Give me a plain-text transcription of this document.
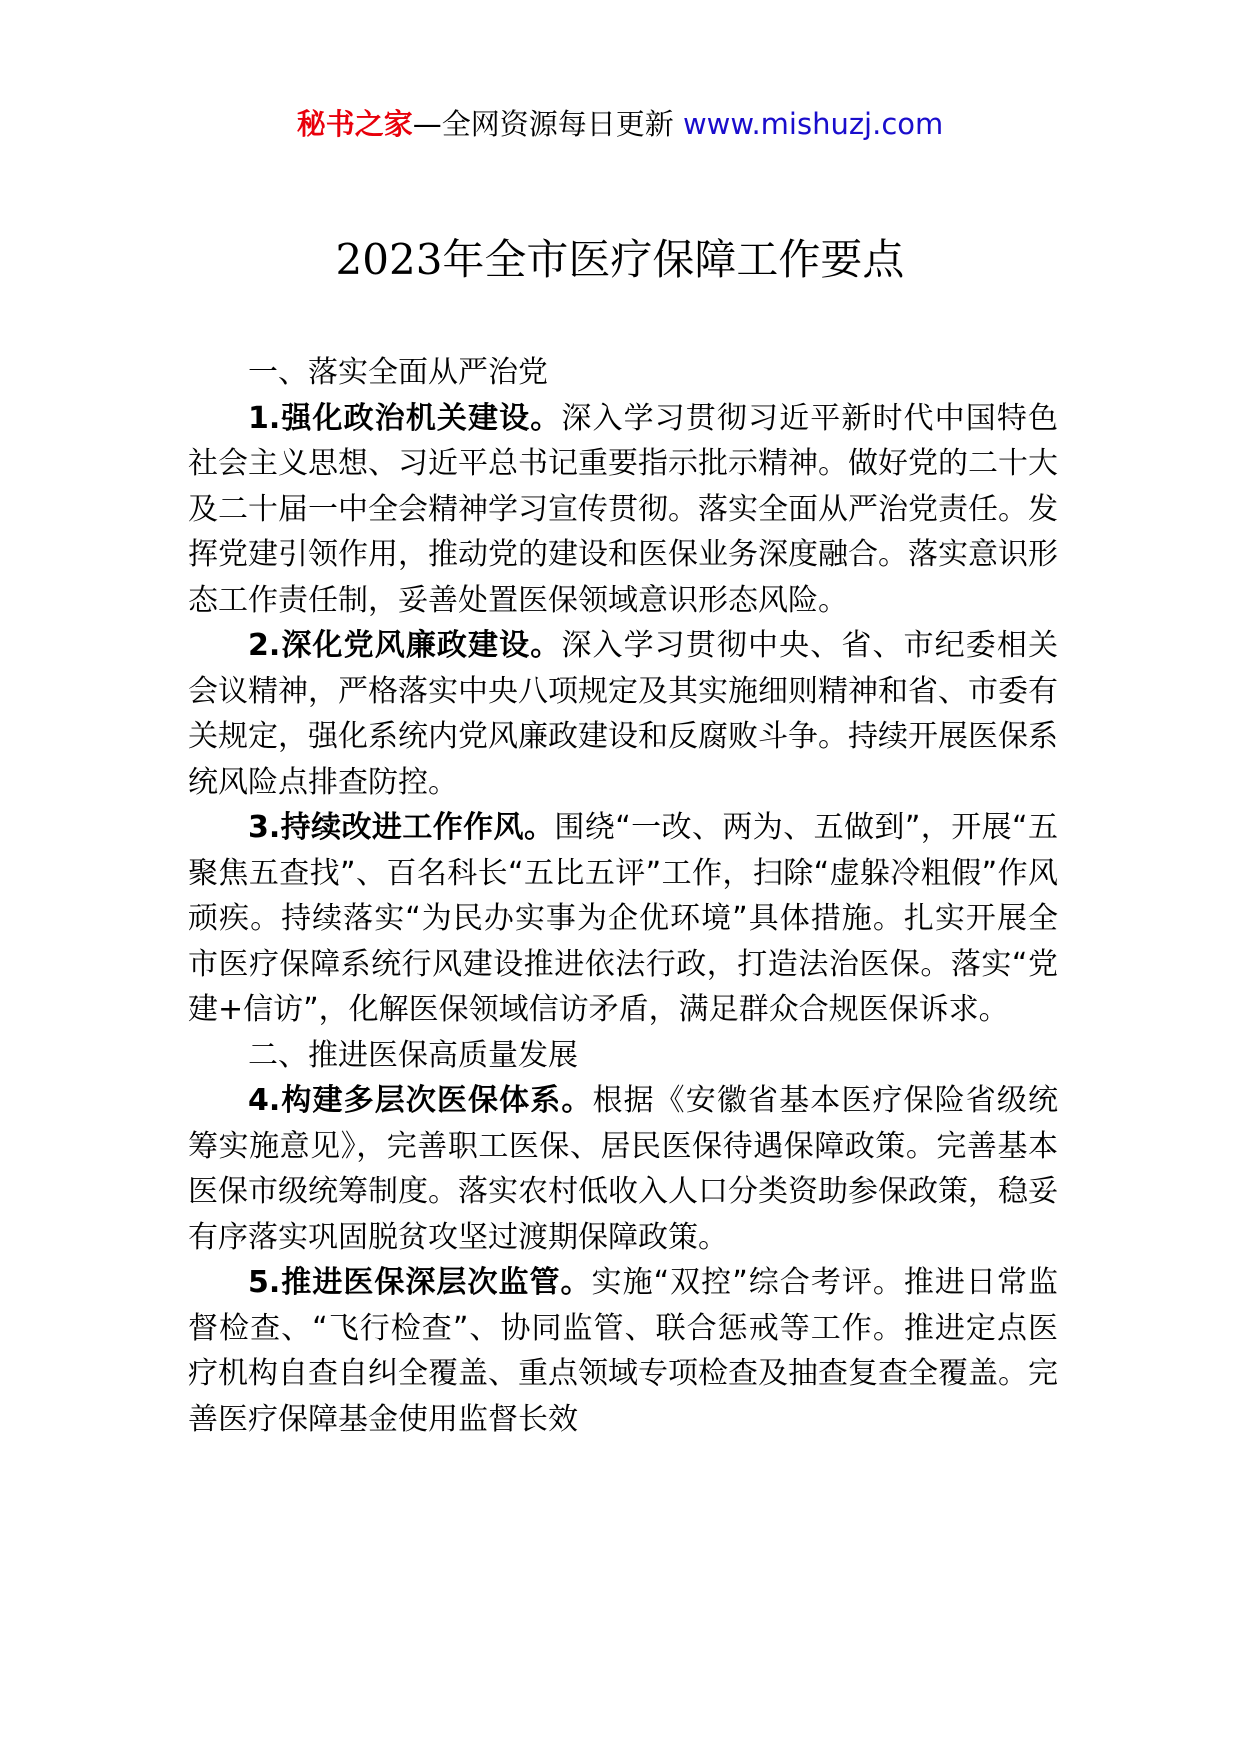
秘书之家—全网资源每日更新 www.mishuzj.com
2023年全市医疗保障工作要点

一、落实全面从严治党

1.强化政治机关建设。深入学习贯彻习近平新时代中国特色社会主义思想、习近平总书记重要指示批示精神。做好党的二十大及二十届一中全会精神学习宣传贯彻。落实全面从严治党责任。发挥党建引领作用，推动党的建设和医保业务深度融合。落实意识形态工作责任制，妥善处置医保领域意识形态风险。

2.深化党风廉政建设。深入学习贯彻中央、省、市纪委相关会议精神，严格落实中央八项规定及其实施细则精神和省、市委有关规定，强化系统内党风廉政建设和反腐败斗争。持续开展医保系统风险点排查防控。

3.持续改进工作作风。围绕“一改、两为、五做到”，开展“五聚焦五查找”、百名科长“五比五评”工作，扫除“虚躲冷粗假”作风顽疾。持续落实“为民办实事为企优环境”具体措施。扎实开展全市医疗保障系统行风建设推进依法行政，打造法治医保。落实“党建+信访”，化解医保领域信访矛盾，满足群众合规医保诉求。

二、推进医保高质量发展

4.构建多层次医保体系。根据《安徽省基本医疗保险省级统筹实施意见》，完善职工医保、居民医保待遇保障政策。完善基本医保市级统筹制度。落实农村低收入人口分类资助参保政策，稳妥有序落实巩固脱贫攻坚过渡期保障政策。

5.推进医保深层次监管。实施“双控”综合考评。推进日常监督检查、“飞行检查”、协同监管、联合惩戒等工作。推进定点医疗机构自查自纠全覆盖、重点领域专项检查及抽查复查全覆盖。完善医疗保障基金使用监督长效
